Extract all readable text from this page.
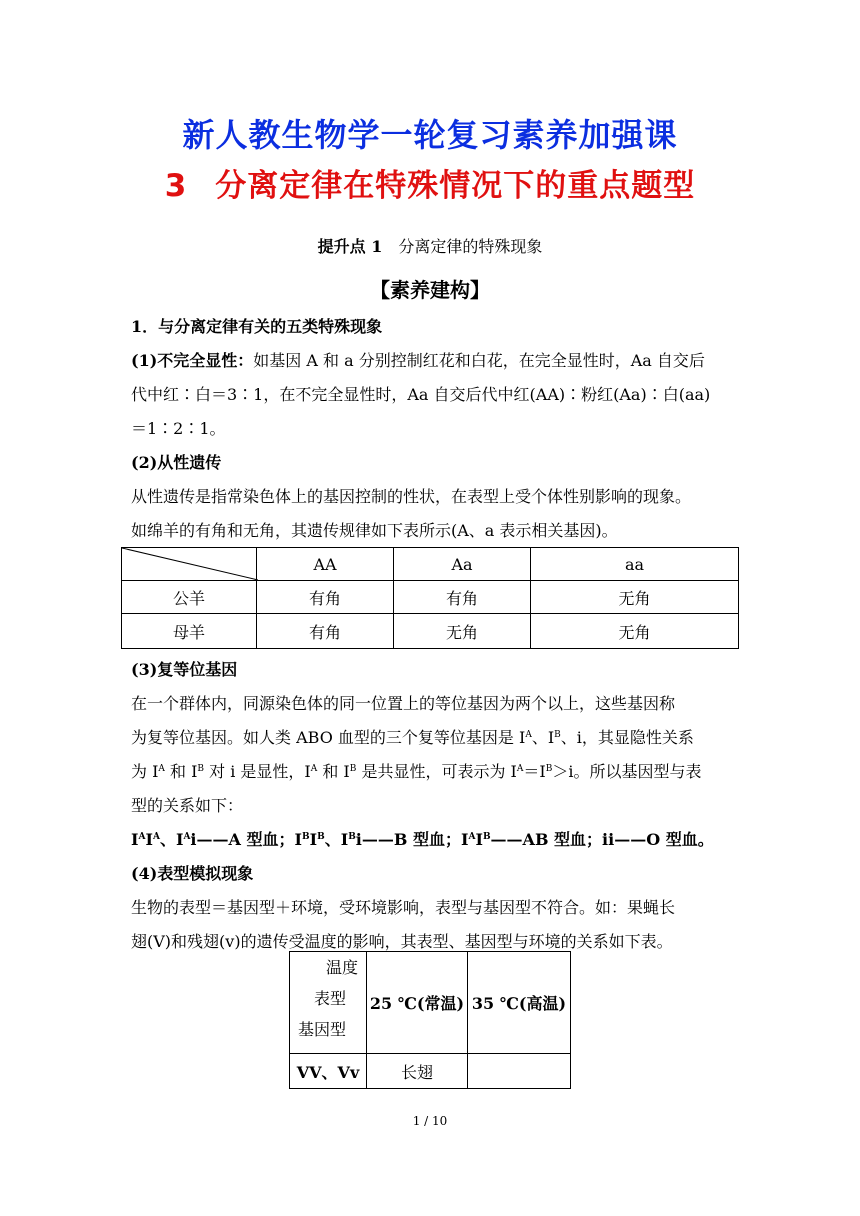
新人教生物学一轮复习素养加强课
3 分离定律在特殊情况下的重点题型
提升点 1 分离定律的特殊现象
【素养建构】
1．与分离定律有关的五类特殊现象
(1)不完全显性：如基因 A 和 a 分别控制红花和白花，在完全显性时，Aa 自交后
代中红∶白＝3∶1，在不完全显性时，Aa 自交后代中红(AA)∶粉红(Aa)∶白(aa)
＝1∶2∶1。
(2)从性遗传
从性遗传是指常染色体上的基因控制的性状，在表型上受个体性别影响的现象。
如绵羊的有角和无角，其遗传规律如下表所示(A、a 表示相关基因)。
	AA	Aa	aa
公羊	有角	有角	无角
母羊	有角	无角	无角
(3)复等位基因
在一个群体内，同源染色体的同一位置上的等位基因为两个以上，这些基因称
为复等位基因。如人类 ABO 血型的三个复等位基因是 $I^A$、$I^B$、i，其显隐性关系
为 $I^A$ 和 $I^B$ 对 i 是显性，$I^A$ 和 $I^B$ 是共显性，可表示为 $I^A=I^B>i$。所以基因型与表
型的关系如下：
$I^AI^A$、$I^Ai——A$ 型血；$I^BI^B$、$I^Bi——B$ 型血；$I^AI^B——AB$ 型血；ii——O 型血。
(4)表型模拟现象
生物的表型＝基因型＋环境，受环境影响，表型与基因型不符合。如：果蝇长
翅(V)和残翅(v)的遗传受温度的影响，其表型、基因型与环境的关系如下表。
温度
表型
基因型	25 ℃(常温)	35 ℃(高温)
VV、Vv	长翅	
1 / 10
